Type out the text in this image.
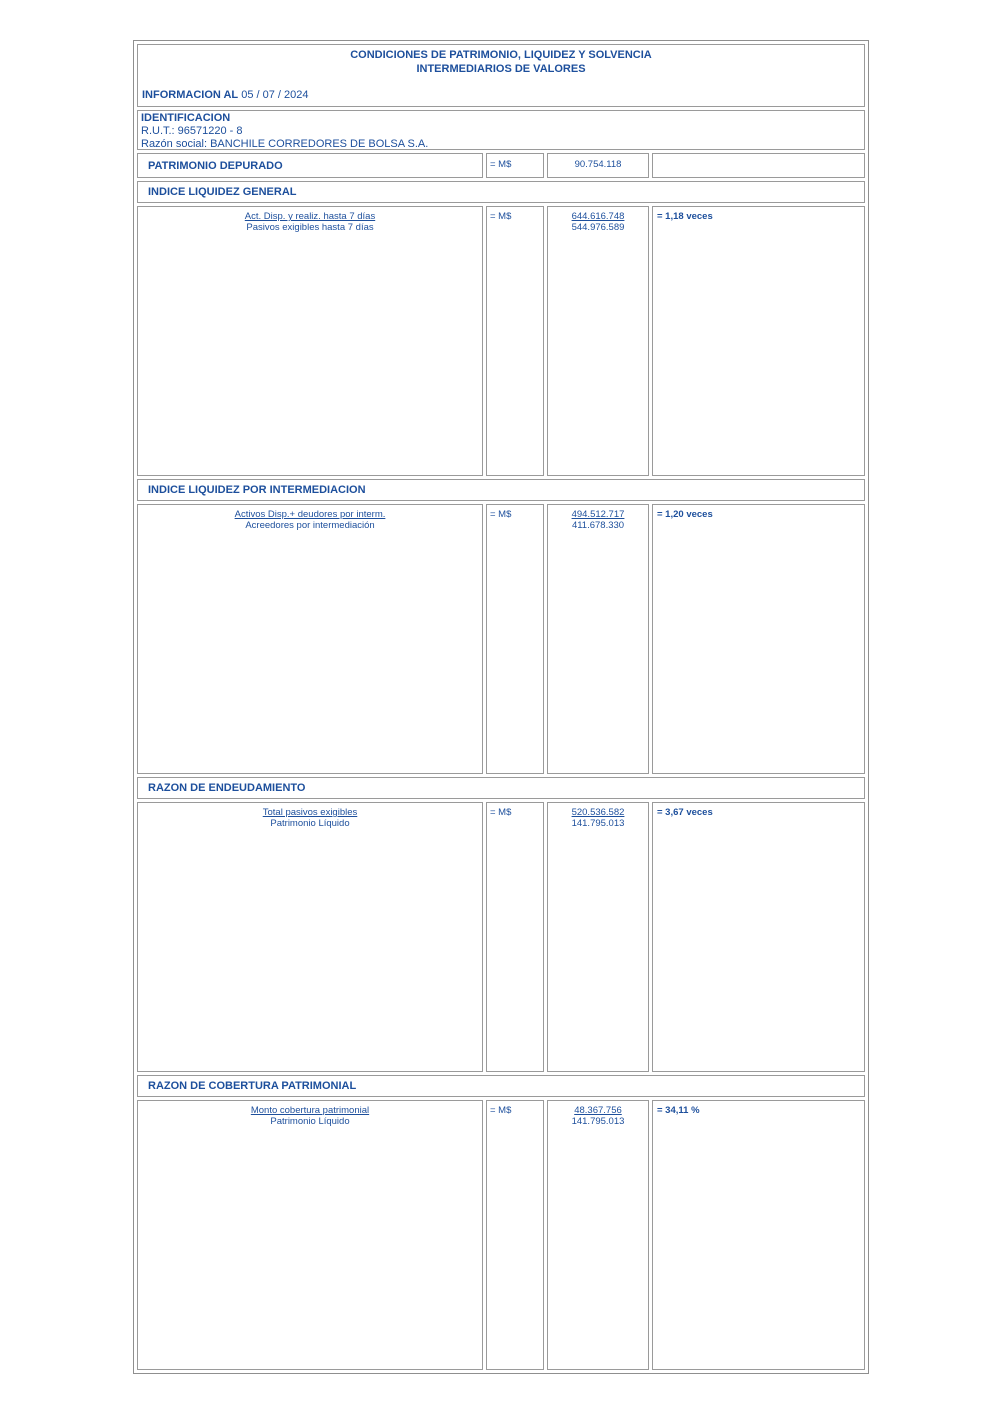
CONDICIONES DE PATRIMONIO, LIQUIDEZ Y SOLVENCIA
INTERMEDIARIOS DE VALORES
INFORMACION AL 05 / 07 / 2024
IDENTIFICACION
R.U.T.: 96571220 - 8
Razón social: BANCHILE CORREDORES DE BOLSA S.A.
PATRIMONIO DEPURADO	= M$	90.754.118
INDICE LIQUIDEZ GENERAL
Act. Disp. y realiz. hasta 7 días
Pasivos exigibles hasta 7 días
= M$	$\frac{644.616.748}{544.976.589} = 1,18$ veces
INDICE LIQUIDEZ POR INTERMEDIACION
Activos Disp.+ deudores por interm.
Acreedores por intermediación
= M$	$\frac{494.512.717}{411.678.330} = 1,20$ veces
RAZON DE ENDEUDAMIENTO
Total pasivos exigibles
Patrimonio Líquido
= M$	$\frac{520.536.582}{141.795.013} = 3,67$ veces
RAZON DE COBERTURA PATRIMONIAL
Monto cobertura patrimonial
Patrimonio Líquido
= M$	$\frac{48.367.756}{141.795.013} = 34,11$ %
